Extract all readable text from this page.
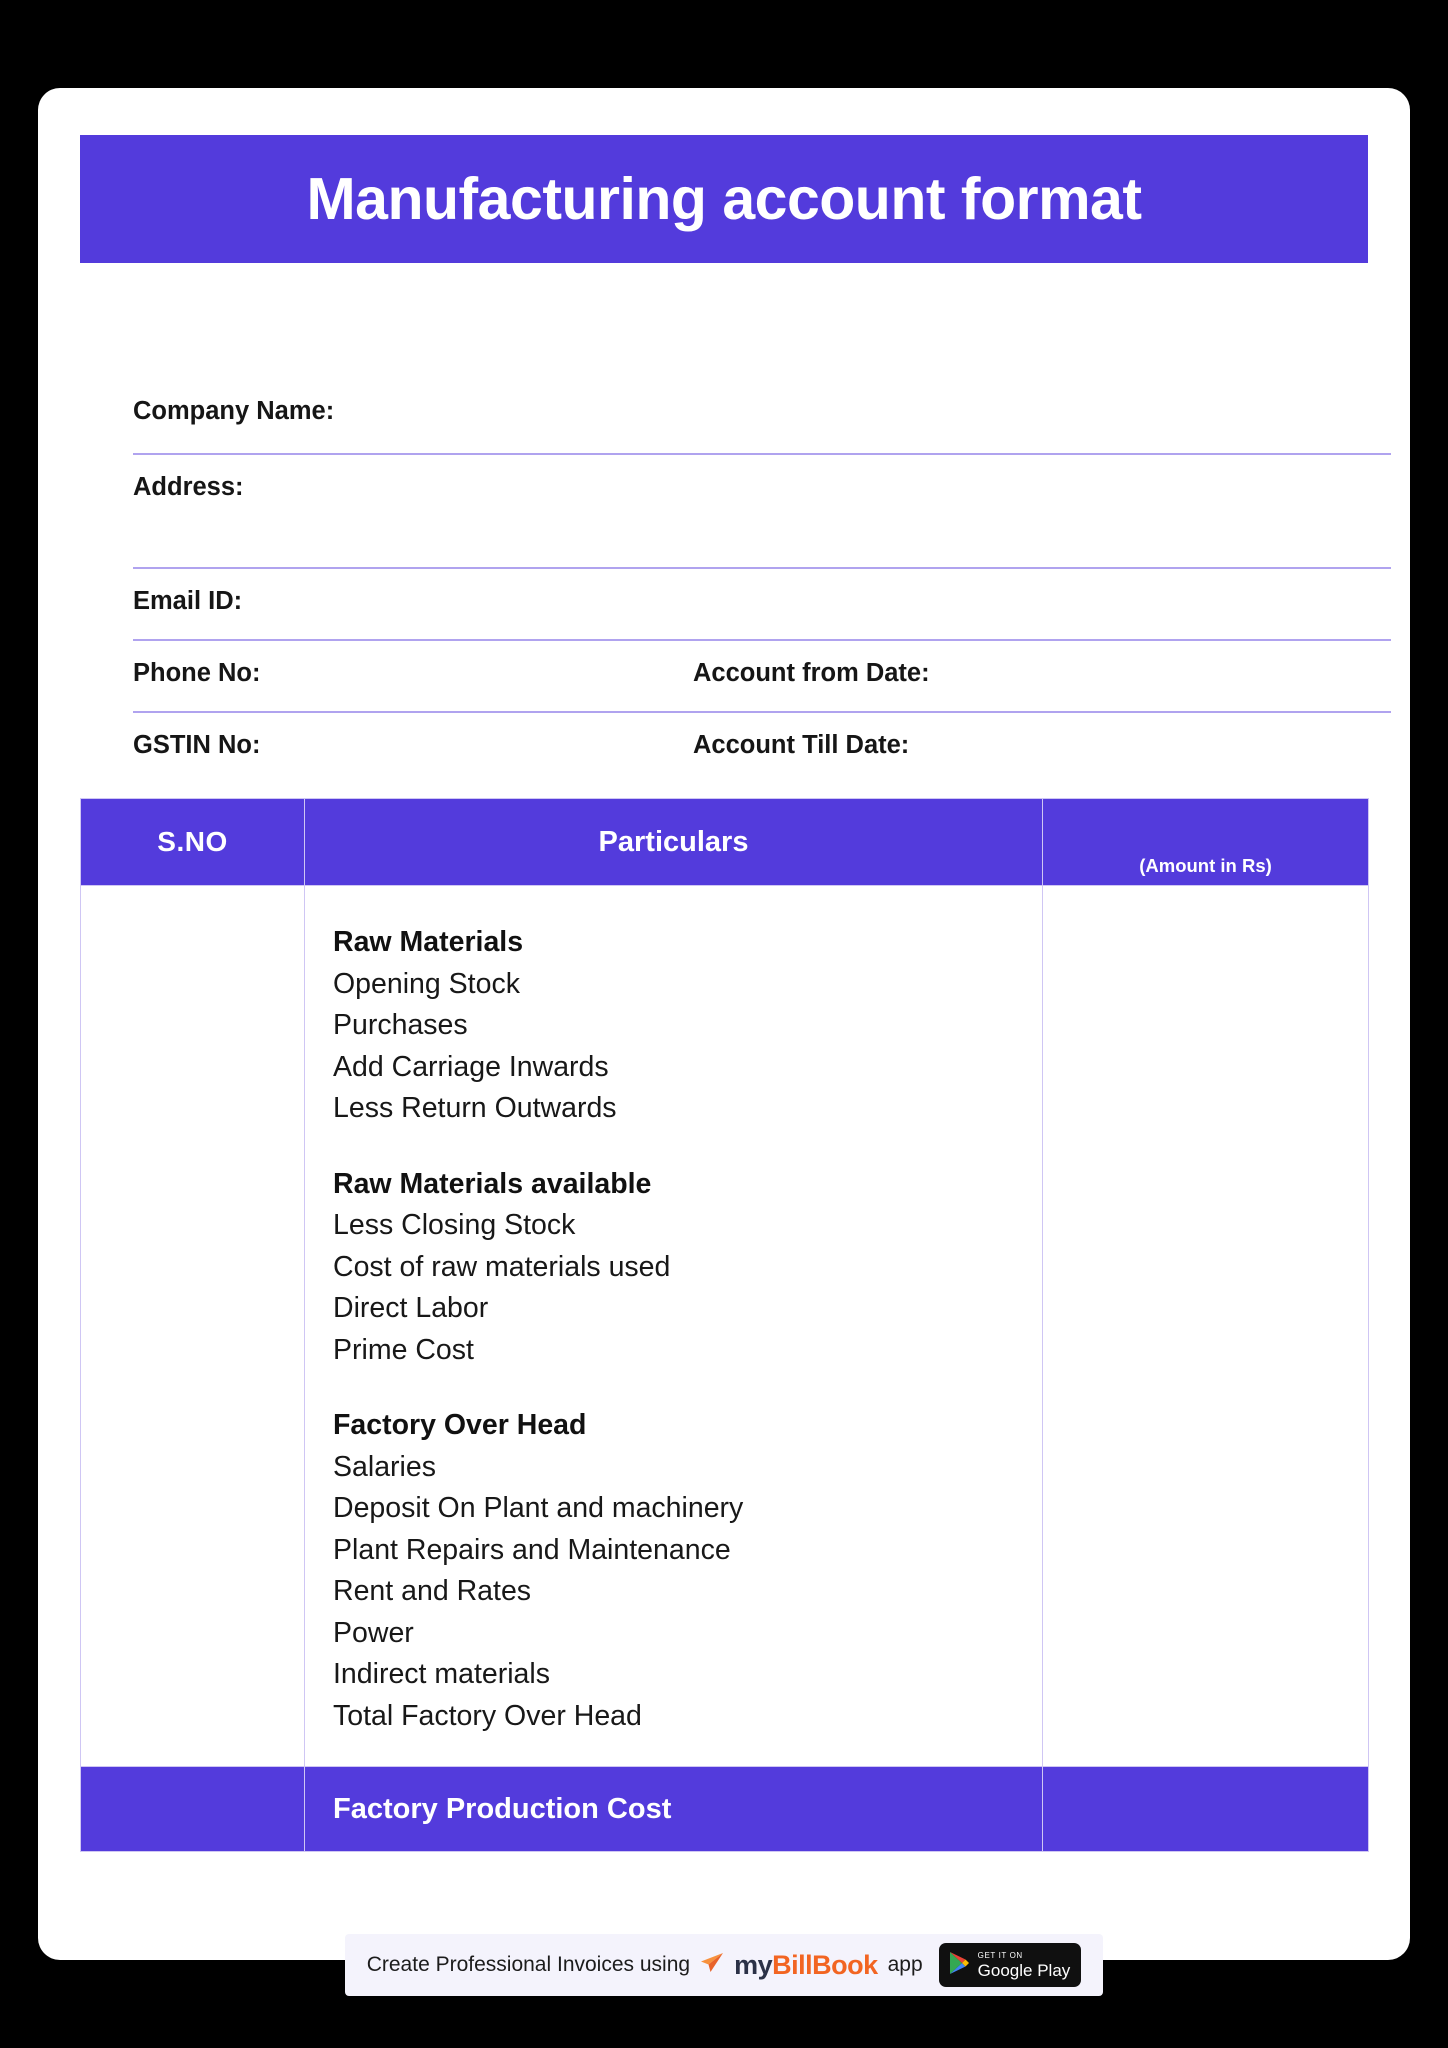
Manufacturing account format
Company Name:
Address:
Email ID:
Phone No:	Account from Date:
GSTIN No:	Account Till Date:
S.NO	Particulars	(Amount in Rs)

Raw Materials
Opening Stock
Purchases
Add Carriage Inwards
Less Return Outwards
Raw Materials available
Less Closing Stock
Cost of raw materials used
Direct Labor
Prime Cost
Factory Over Head
Salaries
Deposit On Plant and machinery
Plant Repairs and Maintenance
Rent and Rates
Power
Indirect materials
Total Factory Over Head

Factory Production Cost	

Create Professional Invoices using myBillBook app	GET IT ON
Google Play
